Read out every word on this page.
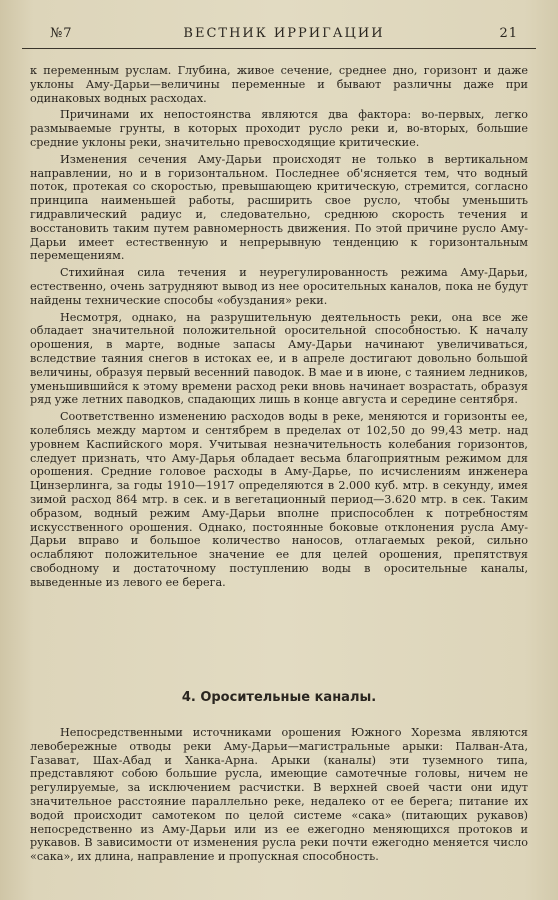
№7	ВЕСТНИК ИРРИГАЦИИ	21

к переменным руслам. Глубина, живое сечение, среднее дно, горизонт и даже уклоны Аму-Дарьи—величины переменные и бывают различны даже при одинаковых водных расходах.

Причинами их непостоянства являются два фактора: во-первых, легко размываемые грунты, в которых проходит русло реки и, во-вторых, большие средние уклоны реки, значительно превосходящие критические.

Изменения сечения Аму-Дарьи происходят не только в вертикальном направлении, но и в горизонтальном. Последнее об'ясняется тем, что водный поток, протекая со скоростью, превышающею критическую, стремится, согласно принципа наименьшей работы, расширить свое русло, чтобы уменьшить гидравлический радиус и, следовательно, среднюю скорость течения и восстановить таким путем равномерность движения. По этой причине русло Аму-Дарьи имеет естественную и непрерывную тенденцию к горизонтальным перемещениям.

Стихийная сила течения и неурегулированность режима Аму-Дарьи, естественно, очень затрудняют вывод из нее оросительных каналов, пока не будут найдены технические способы «обуздания» реки.

Несмотря, однако, на разрушительную деятельность реки, она все же обладает значительной положительной оросительной способностью. К началу орошения, в марте, водные запасы Аму-Дарьи начинают увеличиваться, вследствие таяния снегов в истоках ее, и в апреле достигают довольно большой величины, образуя первый весенний паводок. В мае и в июне, с таянием ледников, уменьшившийся к этому времени расход реки вновь начинает возрастать, образуя ряд уже летних паводков, спадающих лишь в конце августа и середине сентября.

Соответственно изменению расходов воды в реке, меняются и горизонты ее, колеблясь между мартом и сентябрем в пределах от 102,50 до 99,43 метр. над уровнем Каспийского моря. Учитывая незначительность колебания горизонтов, следует признать, что Аму-Дарья обладает весьма благоприятным режимом для орошения. Средние головое расходы в Аму-Дарье, по исчислениям инженера Цинзерлинга, за годы 1910—1917 определяются в 2.000 куб. мтр. в секунду, имея зимой расход 864 мтр. в сек. и в вегетационный период—3.620 мтр. в сек. Таким образом, водный режим Аму-Дарьи вполне приспособлен к потребностям искусственного орошения. Однако, постоянные боковые отклонения русла Аму-Дарьи вправо и большое количество наносов, отлагаемых рекой, сильно ослабляют положительное значение ее для целей орошения, препятствуя свободному и достаточному поступлению воды в оросительные каналы, выведенные из левого ее берега.

4. Оросительные каналы.

Непосредственными источниками орошения Южного Хорезма являются левобережные отводы реки Аму-Дарьи—магистральные арыки: Палван-Ата, Газават, Шах-Абад и Ханка-Арна. Арыки (каналы) эти туземного типа, представляют собою большие русла, имеющие самотечные головы, ничем не регулируемые, за исключением расчистки. В верхней своей части они идут значительное расстояние параллельно реке, недалеко от ее берега; питание их водой происходит самотеком по целой системе «сака» (питающих рукавов) непосредственно из Аму-Дарьи или из ее ежегодно меняющихся протоков и рукавов. В зависимости от изменения русла реки почти ежегодно меняется число «сака», их длина, направление и пропускная способность.
